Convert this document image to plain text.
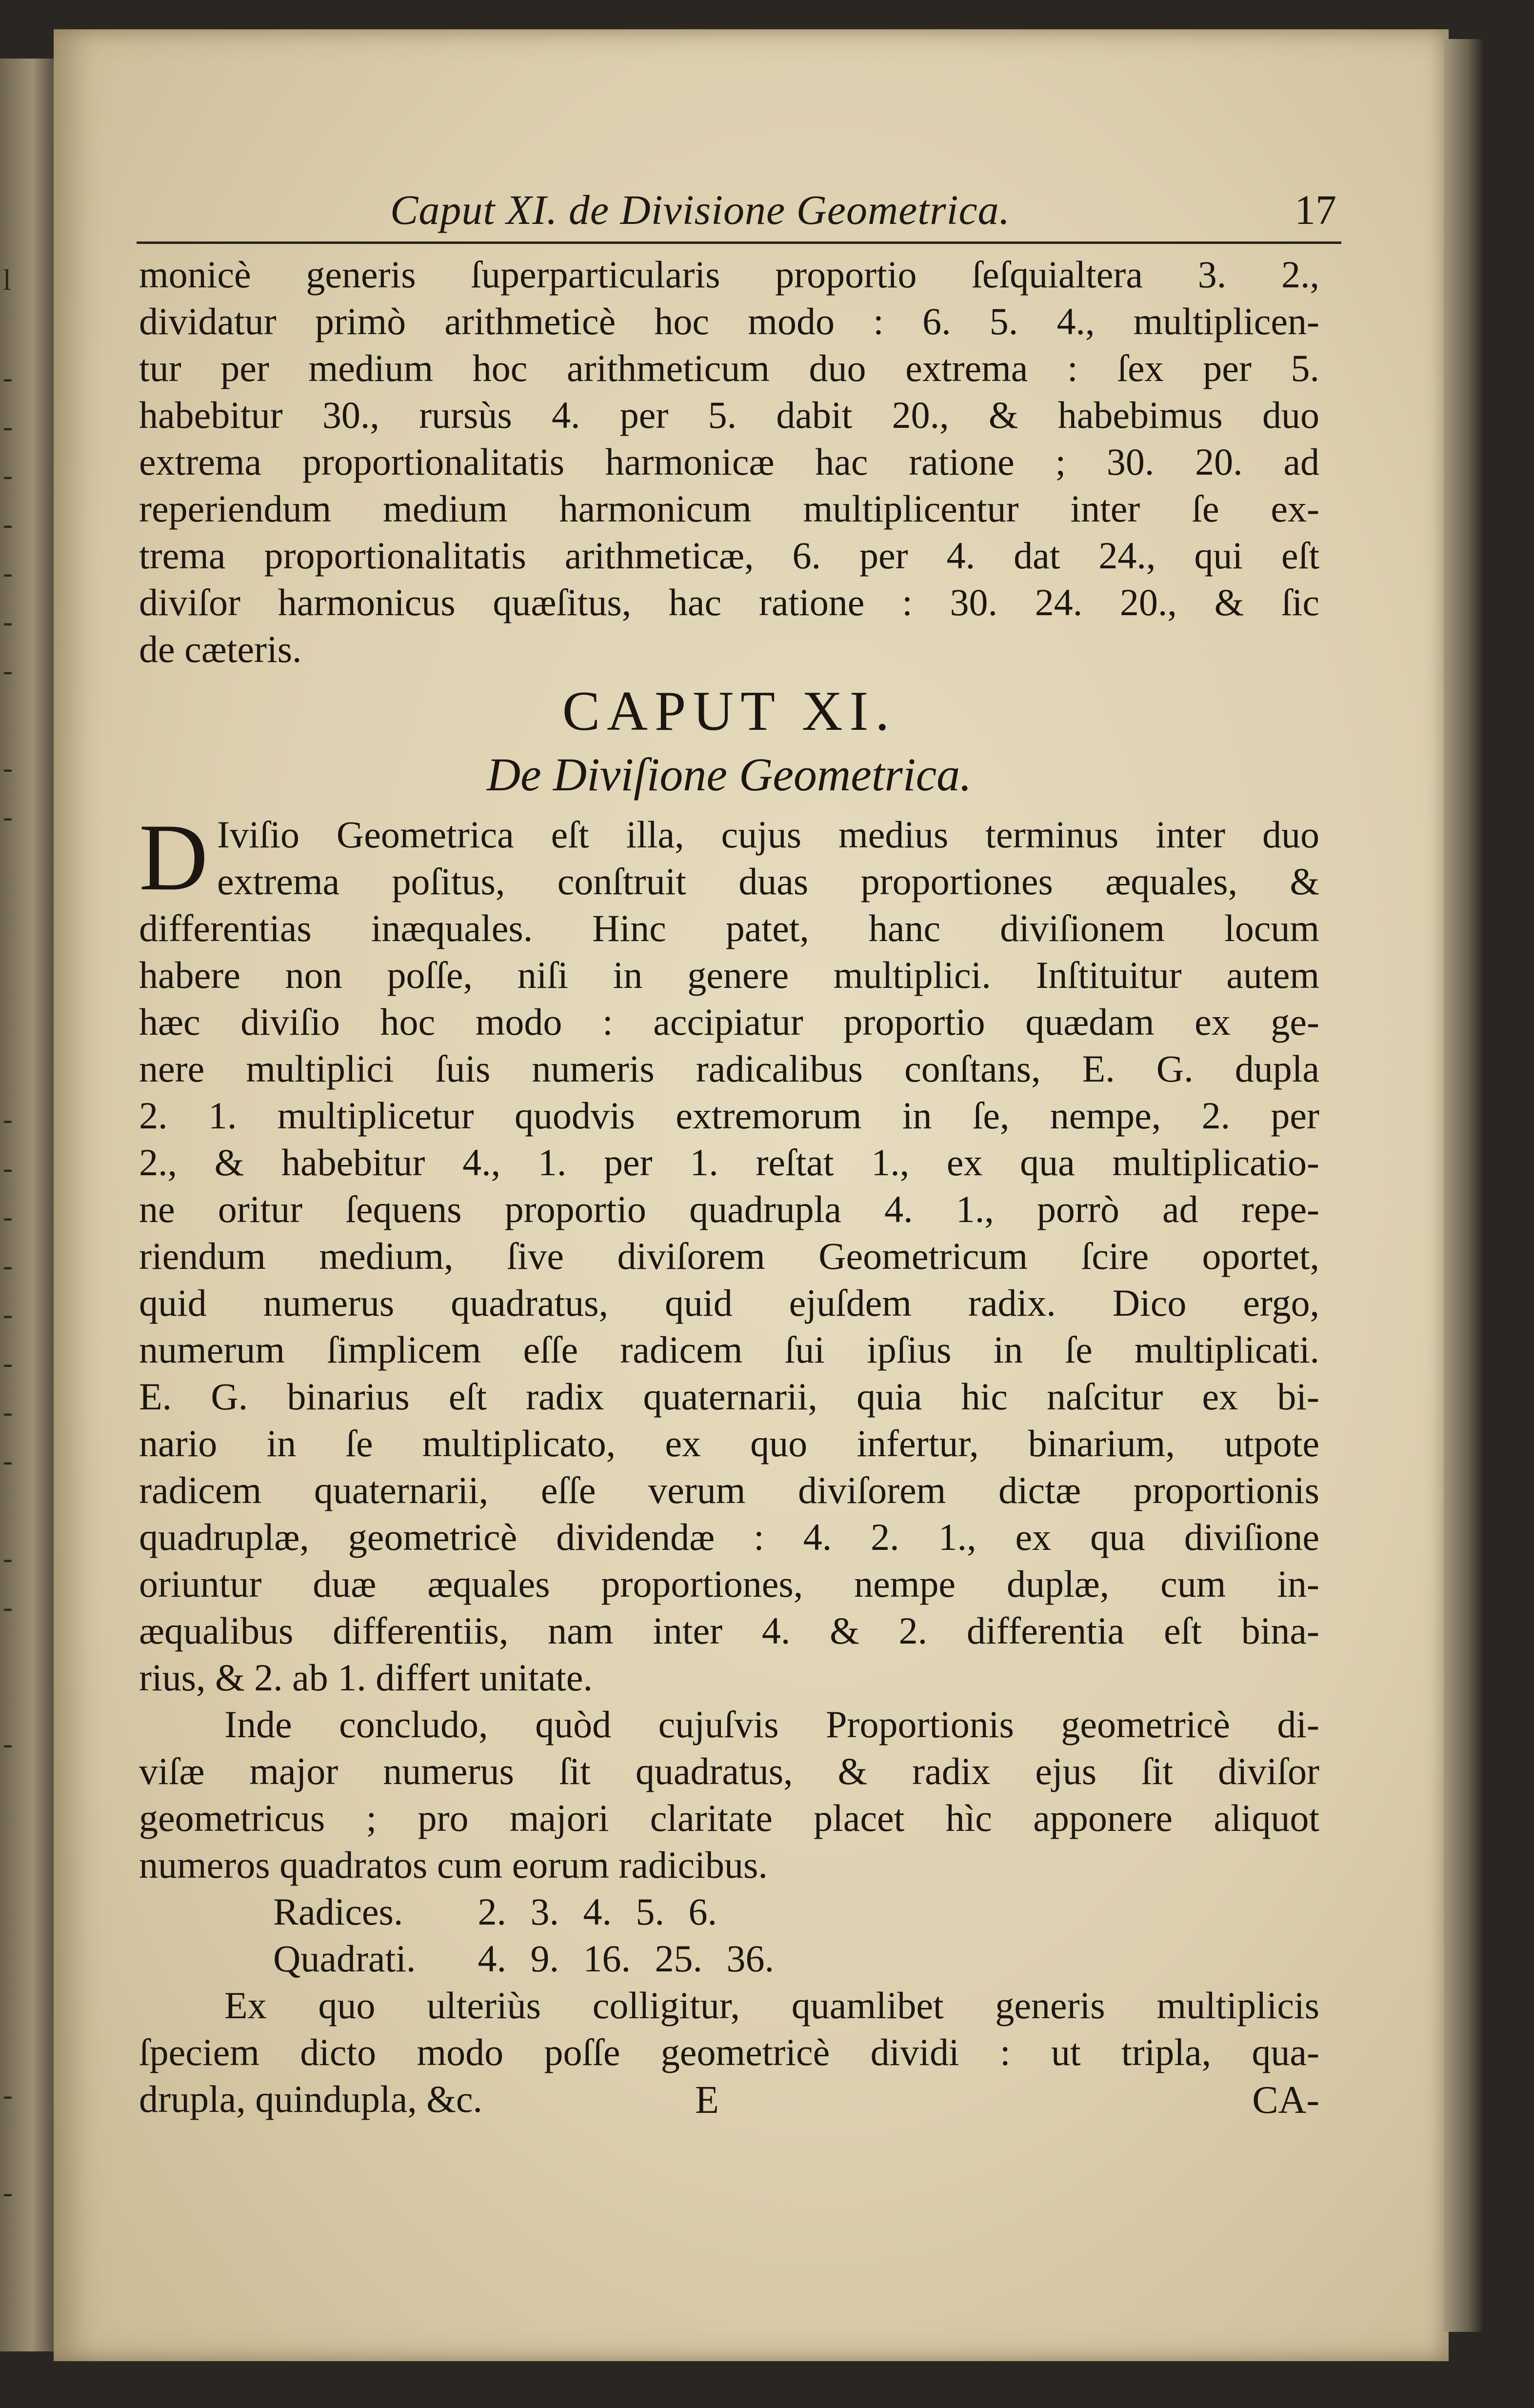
l
-
-
-
-
-
-
-
-
-
-
-
-
-
-
-
-
-
-
-
-
-
-
Caput XI. de Divisione Geometrica.	17
monicè generis ſuperparticularis proportio ſeſquialtera 3. 2.,
dividatur primò arithmeticè hoc modo : 6. 5. 4., multiplicen-
tur per medium hoc arithmeticum duo extrema : ſex per 5.
habebitur 30., rursùs 4. per 5. dabit 20., & habebimus duo
extrema proportionalitatis harmonicæ hac ratione ; 30. 20. ad
reperiendum medium harmonicum multiplicentur inter ſe ex-
trema proportionalitatis arithmeticæ, 6. per 4. dat 24., qui eſt
diviſor harmonicus quæſitus, hac ratione : 30. 24. 20., & ſic
de cæteris.
CAPUT XI.
De Diviſione Geometrica.
D Iviſio Geometrica eſt illa, cujus medius terminus inter duo
extrema poſitus, conſtruit duas proportiones æquales, &
differentias inæquales. Hinc patet, hanc diviſionem locum
habere non poſſe, niſi in genere multiplici. Inſtituitur autem
hæc diviſio hoc modo : accipiatur proportio quædam ex ge-
nere multiplici ſuis numeris radicalibus conſtans, E. G. dupla
2. 1. multiplicetur quodvis extremorum in ſe, nempe, 2. per
2., & habebitur 4., 1. per 1. reſtat 1., ex qua multiplicatio-
ne oritur ſequens proportio quadrupla 4. 1., porrò ad repe-
riendum medium, ſive diviſorem Geometricum ſcire oportet,
quid numerus quadratus, quid ejuſdem radix. Dico ergo,
numerum ſimplicem eſſe radicem ſui ipſius in ſe multiplicati.
E. G. binarius eſt radix quaternarii, quia hic naſcitur ex bi-
nario in ſe multiplicato, ex quo infertur, binarium, utpote
radicem quaternarii, eſſe verum diviſorem dictæ proportionis
quadruplæ, geometricè dividendæ : 4. 2. 1., ex qua diviſione
oriuntur duæ æquales proportiones, nempe duplæ, cum in-
æqualibus differentiis, nam inter 4. & 2. differentia eſt bina-
rius, & 2. ab 1. differt unitate.
Inde concludo, quòd cujuſvis Proportionis geometricè di-
viſæ major numerus ſit quadratus, & radix ejus ſit diviſor
geometricus ; pro majori claritate placet hìc apponere aliquot
numeros quadratos cum eorum radicibus.
Radices. 2. 3. 4. 5. 6.
Quadrati. 4. 9. 16. 25. 36.
Ex quo ulteriùs colligitur, quamlibet generis multiplicis
ſpeciem dicto modo poſſe geometricè dividi : ut tripla, qua-
drupla, quindupla, &c.	E	CA-
